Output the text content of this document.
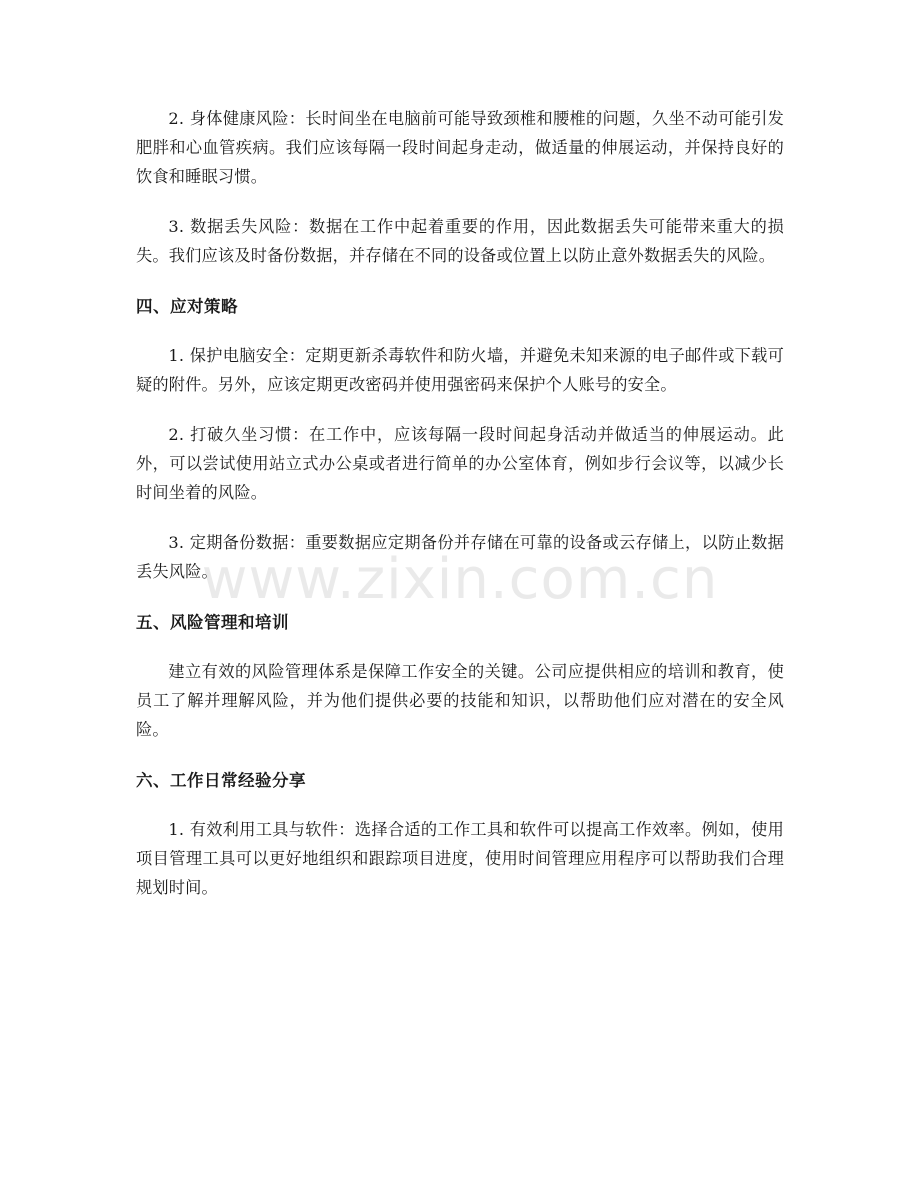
2. 身体健康风险：长时间坐在电脑前可能导致颈椎和腰椎的问题，久坐不动可能引发肥胖和心血管疾病。我们应该每隔一段时间起身走动，做适量的伸展运动，并保持良好的饮食和睡眠习惯。

3. 数据丢失风险：数据在工作中起着重要的作用，因此数据丢失可能带来重大的损失。我们应该及时备份数据，并存储在不同的设备或位置上以防止意外数据丢失的风险。

四、应对策略

1. 保护电脑安全：定期更新杀毒软件和防火墙，并避免未知来源的电子邮件或下载可疑的附件。另外，应该定期更改密码并使用强密码来保护个人账号的安全。

2. 打破久坐习惯：在工作中，应该每隔一段时间起身活动并做适当的伸展运动。此外，可以尝试使用站立式办公桌或者进行简单的办公室体育，例如步行会议等，以减少长时间坐着的风险。

3. 定期备份数据：重要数据应定期备份并存储在可靠的设备或云存储上，以防止数据丢失风险。

五、风险管理和培训

建立有效的风险管理体系是保障工作安全的关键。公司应提供相应的培训和教育，使员工了解并理解风险，并为他们提供必要的技能和知识，以帮助他们应对潜在的安全风险。

六、工作日常经验分享

1. 有效利用工具与软件：选择合适的工作工具和软件可以提高工作效率。例如，使用项目管理工具可以更好地组织和跟踪项目进度，使用时间管理应用程序可以帮助我们合理规划时间。

www.zixin.com.cn
